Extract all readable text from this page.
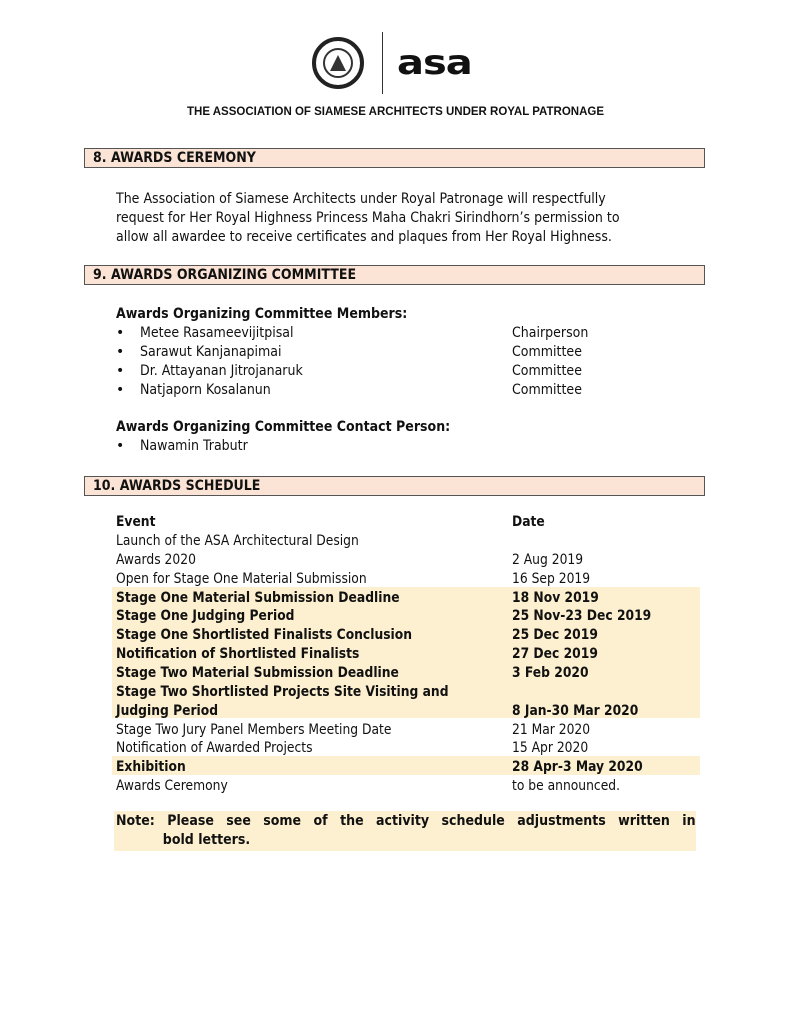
asa
THE ASSOCIATION OF SIAMESE ARCHITECTS UNDER ROYAL PATRONAGE
8. AWARDS CEREMONY
The Association of Siamese Architects under Royal Patronage will respectfully
request for Her Royal Highness Princess Maha Chakri Sirindhorn’s permission to
allow all awardee to receive certificates and plaques from Her Royal Highness.
9. AWARDS ORGANIZING COMMITTEE
Awards Organizing Committee Members:
• Metee Rasameevijitpisal	Chairperson
• Sarawut Kanjanapimai	Committee
• Dr. Attayanan Jitrojanaruk	Committee
• Natjaporn Kosalanun	Committee
Awards Organizing Committee Contact Person:
• Nawamin Trabutr
10. AWARDS SCHEDULE
Event	Date
Launch of the ASA Architectural Design
Awards 2020	2 Aug 2019
Open for Stage One Material Submission	16 Sep 2019
Stage One Material Submission Deadline	18 Nov 2019
Stage One Judging Period	25 Nov-23 Dec 2019
Stage One Shortlisted Finalists Conclusion	25 Dec 2019
Notification of Shortlisted Finalists	27 Dec 2019
Stage Two Material Submission Deadline	3 Feb 2020
Stage Two Shortlisted Projects Site Visiting and
Judging Period	8 Jan-30 Mar 2020
Stage Two Jury Panel Members Meeting Date	21 Mar 2020
Notification of Awarded Projects	15 Apr 2020
Exhibition	28 Apr-3 May 2020
Awards Ceremony	to be announced.
Note: Please see some of the activity schedule adjustments written in
bold letters.
